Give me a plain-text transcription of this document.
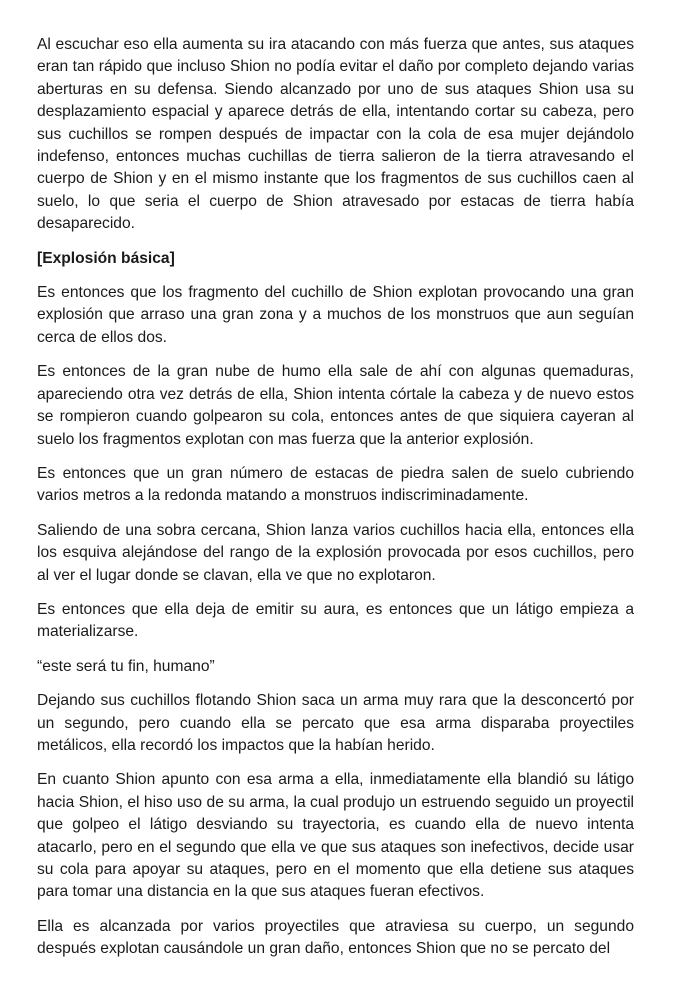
Al escuchar eso ella aumenta su ira atacando con más fuerza que antes, sus ataques eran tan rápido que incluso Shion no podía evitar el daño por completo dejando varias aberturas en su defensa. Siendo alcanzado por uno de sus ataques Shion usa su desplazamiento espacial y aparece detrás de ella, intentando cortar su cabeza, pero sus cuchillos se rompen después de impactar con la cola de esa mujer dejándolo indefenso, entonces muchas cuchillas de tierra salieron de la tierra atravesando el cuerpo de Shion y en el mismo instante que los fragmentos de sus cuchillos caen al suelo, lo que seria el cuerpo de Shion atravesado por estacas de tierra había desaparecido.

[Explosión básica]

Es entonces que los fragmento del cuchillo de Shion explotan provocando una gran explosión que arraso una gran zona y a muchos de los monstruos que aun seguían cerca de ellos dos.

Es entonces de la gran nube de humo ella sale de ahí con algunas quemaduras, apareciendo otra vez detrás de ella, Shion intenta córtale la cabeza y de nuevo estos se rompieron cuando golpearon su cola, entonces antes de que siquiera cayeran al suelo los fragmentos explotan con mas fuerza que la anterior explosión.

Es entonces que un gran número de estacas de piedra salen de suelo cubriendo varios metros a la redonda matando a monstruos indiscriminadamente.

Saliendo de una sobra cercana, Shion lanza varios cuchillos hacia ella, entonces ella los esquiva alejándose del rango de la explosión provocada por esos cuchillos, pero al ver el lugar donde se clavan, ella ve que no explotaron.

Es entonces que ella deja de emitir su aura, es entonces que un látigo empieza a materializarse.

“este será tu fin, humano”

Dejando sus cuchillos flotando Shion saca un arma muy rara que la desconcertó por un segundo, pero cuando ella se percato que esa arma disparaba proyectiles metálicos, ella recordó los impactos que la habían herido.

En cuanto Shion apunto con esa arma a ella, inmediatamente ella blandió su látigo hacia Shion, el hiso uso de su arma, la cual produjo un estruendo seguido un proyectil que golpeo el látigo desviando su trayectoria, es cuando ella de nuevo intenta atacarlo, pero en el segundo que ella ve que sus ataques son inefectivos, decide usar su cola para apoyar su ataques, pero en el momento que ella detiene sus ataques para tomar una distancia en la que sus ataques fueran efectivos.

Ella es alcanzada por varios proyectiles que atraviesa su cuerpo, un segundo después explotan causándole un gran daño, entonces Shion que no se percato del
